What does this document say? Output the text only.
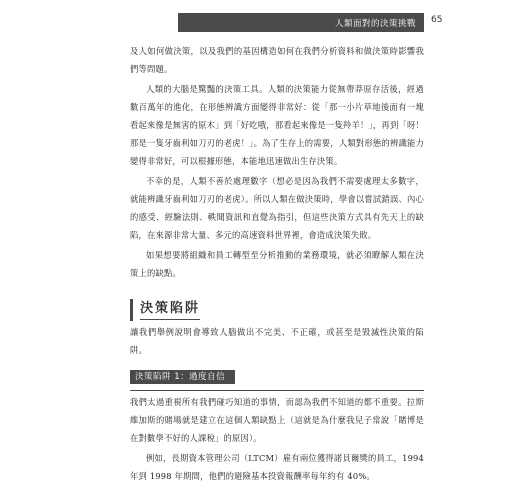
人類面對的決策挑戰 65

及人如何做決策，以及我們的基因構造如何在我們分析資料和做決策時影響我們等問題。

人類的大腦是驚豔的決策工具。人類的決策能力從無帶莽原存活後，經過數百萬年的進化，在形態辨識方面變得非常好：從「那一小片草地後面有一塊看起來像是無害的原木」到「好吃哦，那看起來像是一隻羚羊！」，再到「呀！那是一隻牙齒利如刀刃的老虎！」。為了生存上的需要，人類對形態的辨識能力變得非常好，可以根據形態，本能地迅速做出生存決策。

不幸的是，人類不善於處理數字（想必是因為我們不需要處理太多數字，就能辨識牙齒利如刀刃的老虎）。所以人類在做決策時，學會以嘗試錯誤、內心的感受、經驗法則、軼聞資訊和直覺為指引，但這些決策方式具有先天上的缺陷，在來源非常大量、多元的高速資料世界裡，會造成決策失敗。

如果想要將組織和員工轉型至分析推動的業務環境，就必須瞭解人類在決策上的缺點。

決策陷阱

讓我們舉例說明會導致人腦做出不完美、不正確，或甚至是毀滅性決策的陷阱。

決策陷阱 1：過度自信

我們太過重視所有我們碰巧知道的事情，而認為我們不知道的都不重要。拉斯維加斯的賭場就是建立在這個人類缺點上（這就是為什麼我兒子常說「賭博是在對數學不好的人課稅」的原因）。

例如，長期資本管理公司（LTCM）雇有兩位獲得諾貝爾獎的員工，1994 年到 1998 年期間，他們的避險基本投資報酬率每年約有 40%。
